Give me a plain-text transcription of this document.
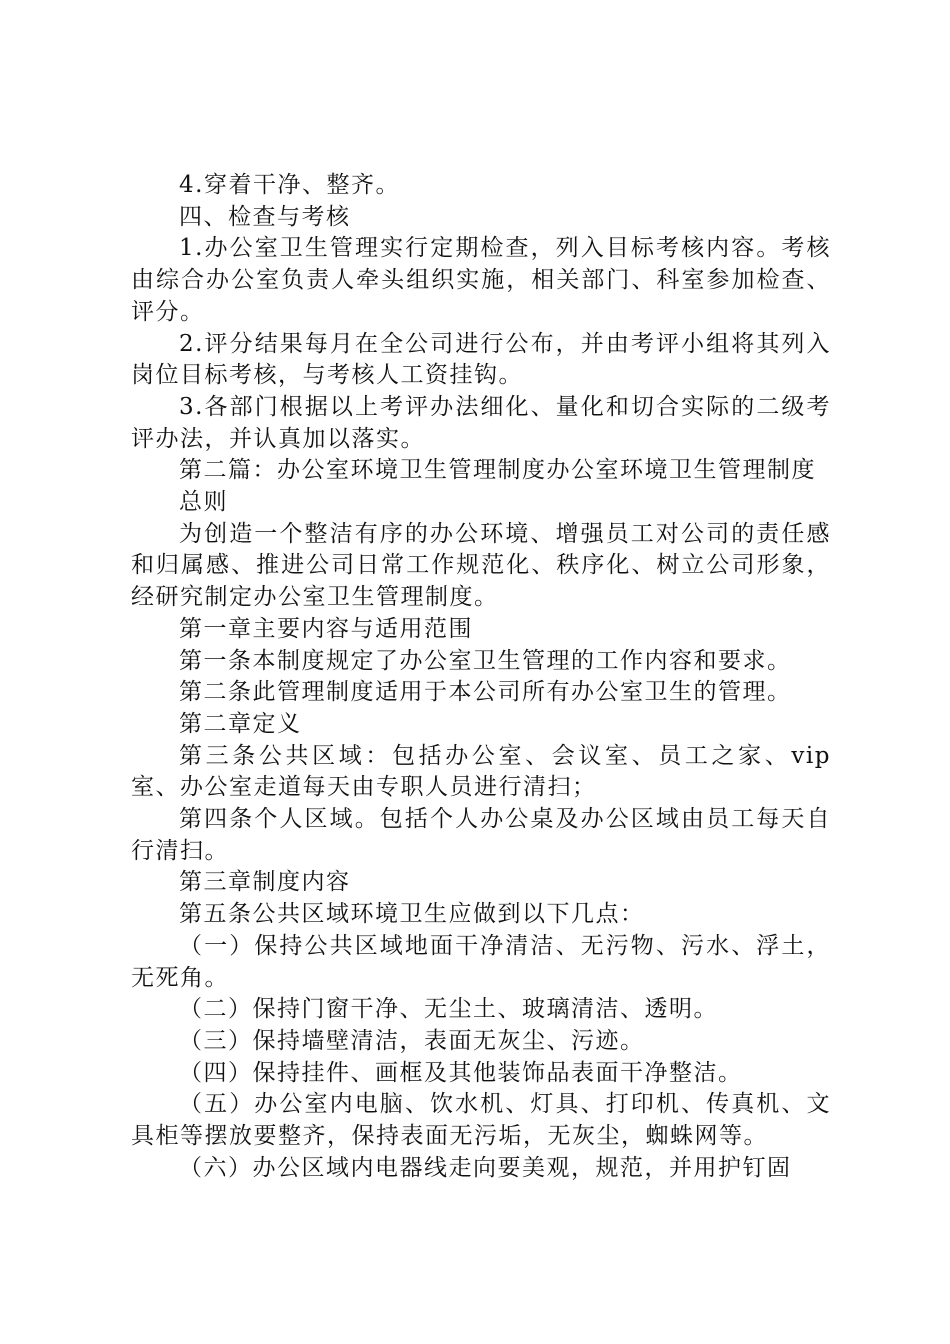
4.穿着干净、整齐。

四、检查与考核

1.办公室卫生管理实行定期检查，列入目标考核内容。考核由综合办公室负责人牵头组织实施，相关部门、科室参加检查、评分。

2.评分结果每月在全公司进行公布，并由考评小组将其列入岗位目标考核，与考核人工资挂钩。

3.各部门根据以上考评办法细化、量化和切合实际的二级考评办法，并认真加以落实。

第二篇：办公室环境卫生管理制度办公室环境卫生管理制度

总则

为创造一个整洁有序的办公环境、增强员工对公司的责任感和归属感、推进公司日常工作规范化、秩序化、树立公司形象，经研究制定办公室卫生管理制度。

第一章主要内容与适用范围

第一条本制度规定了办公室卫生管理的工作内容和要求。

第二条此管理制度适用于本公司所有办公室卫生的管理。

第二章定义

第三条公共区域：包括办公室、会议室、员工之家、vip室、办公室走道每天由专职人员进行清扫；

第四条个人区域。包括个人办公桌及办公区域由员工每天自行清扫。

第三章制度内容

第五条公共区域环境卫生应做到以下几点：

（一）保持公共区域地面干净清洁、无污物、污水、浮土，无死角。

（二）保持门窗干净、无尘土、玻璃清洁、透明。

（三）保持墙壁清洁，表面无灰尘、污迹。

（四）保持挂件、画框及其他装饰品表面干净整洁。

（五）办公室内电脑、饮水机、灯具、打印机、传真机、文具柜等摆放要整齐，保持表面无污垢，无灰尘，蜘蛛网等。

（六）办公区域内电器线走向要美观，规范，并用护钉固
